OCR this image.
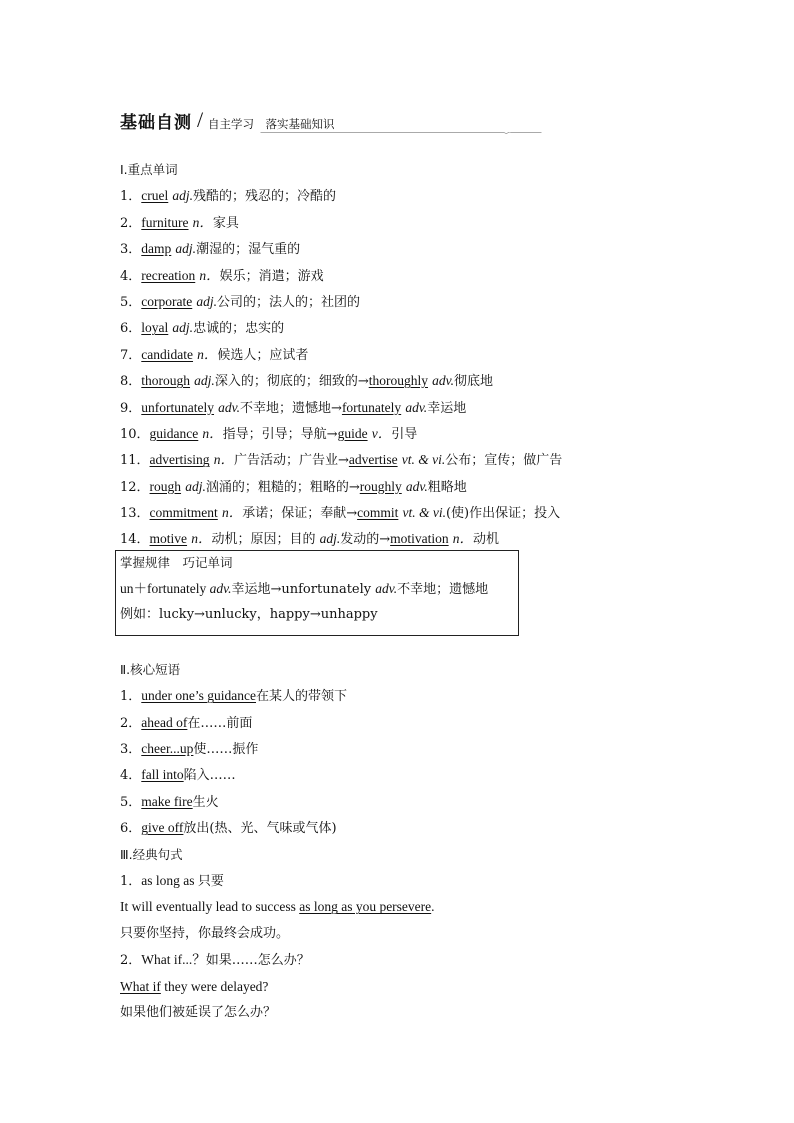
基础自测 / 自主学习　落实基础知识
Ⅰ.重点单词
1．cruel adj.残酷的；残忍的；冷酷的
2．furniture n．家具
3．damp adj.潮湿的；湿气重的
4．recreation n．娱乐；消遣；游戏
5．corporate adj.公司的；法人的；社团的
6．loyal adj.忠诚的；忠实的
7．candidate n．候选人；应试者
8．thorough adj.深入的；彻底的；细致的→thoroughly adv.彻底地
9．unfortunately adv.不幸地；遗憾地→fortunately adv.幸运地
10．guidance n．指导；引导；导航→guide v．引导
11．advertising n．广告活动；广告业→advertise vt. & vi.公布；宣传；做广告
12．rough adj.汹涌的；粗糙的；粗略的→roughly adv.粗略地
13．commitment n．承诺；保证；奉献→commit vt. & vi.(使)作出保证；投入
14．motive n．动机；原因；目的 adj.发动的→motivation n．动机
掌握规律　巧记单词
un＋fortunately adv.幸运地→unfortunately adv.不幸地；遗憾地
例如：lucky→unlucky，happy→unhappy
Ⅱ.核心短语
1．under one’s guidance在某人的带领下
2．ahead of在……前面
3．cheer...up使……振作
4．fall into陷入……
5．make fire生火
6．give off放出(热、光、气味或气体)
Ⅲ.经典句式
1．as long as 只要
It will eventually lead to success as long as you persevere.
只要你坚持，你最终会成功。
2．What if...？如果……怎么办？
What if they were delayed?
如果他们被延误了怎么办？
